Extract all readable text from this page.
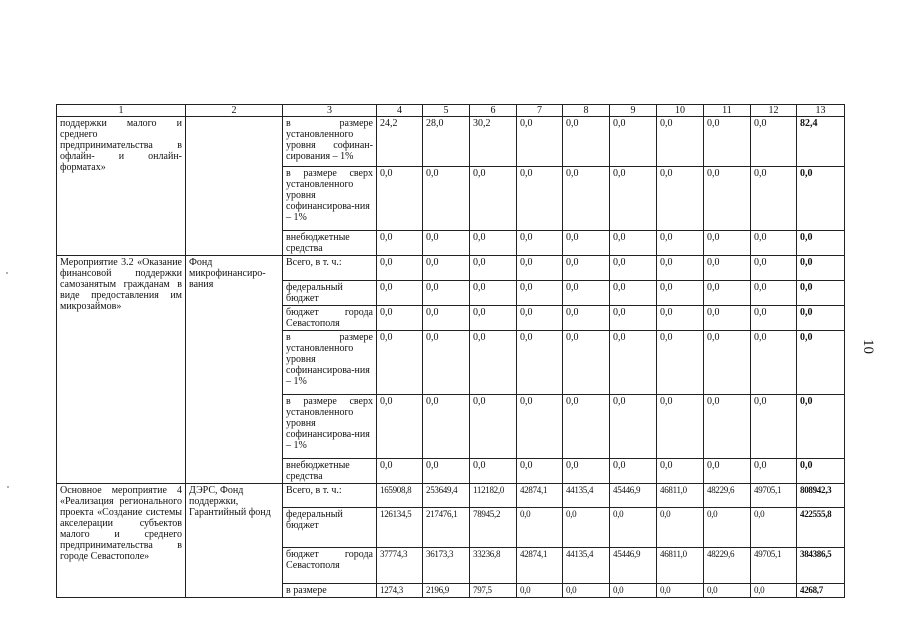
10
1	2	3	4	5	6	7	8	9	10	11	12	13
поддержки малого и среднего предпринимательства в офлайн- и онлайн-форматах»		в размере установленного уровня софинан-сирования – 1%	24,2	28,0	30,2	0,0	0,0	0,0	0,0	0,0	0,0	82,4
		в размере сверх установленного уровня софинансирова-ния – 1%	0,0	0,0	0,0	0,0	0,0	0,0	0,0	0,0	0,0	0,0
		внебюджетные средства	0,0	0,0	0,0	0,0	0,0	0,0	0,0	0,0	0,0	0,0
Мероприятие 3.2 «Оказание финансовой поддержки самозанятым гражданам в виде предоставления им микрозаймов»	Фонд микрофинансиро-вания	Всего, в т. ч.:	0,0	0,0	0,0	0,0	0,0	0,0	0,0	0,0	0,0	0,0
		федеральный бюджет	0,0	0,0	0,0	0,0	0,0	0,0	0,0	0,0	0,0	0,0
		бюджет города Севастополя	0,0	0,0	0,0	0,0	0,0	0,0	0,0	0,0	0,0	0,0
		в размере установленного уровня софинансирова-ния – 1%	0,0	0,0	0,0	0,0	0,0	0,0	0,0	0,0	0,0	0,0
		в размере сверх установленного уровня софинансирова-ния – 1%	0,0	0,0	0,0	0,0	0,0	0,0	0,0	0,0	0,0	0,0
		внебюджетные средства	0,0	0,0	0,0	0,0	0,0	0,0	0,0	0,0	0,0	0,0
Основное мероприятие 4 «Реализация регионального проекта «Создание системы акселерации субъектов малого и среднего предпринимательства в городе Севастополе»	ДЭРС, Фонд поддержки, Гарантийный фонд	Всего, в т. ч.:	165908,8	253649,4	112182,0	42874,1	44135,4	45446,9	46811,0	48229,6	49705,1	808942,3
		федеральный бюджет	126134,5	217476,1	78945,2	0,0	0,0	0,0	0,0	0,0	0,0	422555,8
		бюджет города Севастополя	37774,3	36173,3	33236,8	42874,1	44135,4	45446,9	46811,0	48229,6	49705,1	384386,5
		в размере	1274,3	2196,9	797,5	0,0	0,0	0,0	0,0	0,0	0,0	4268,7
